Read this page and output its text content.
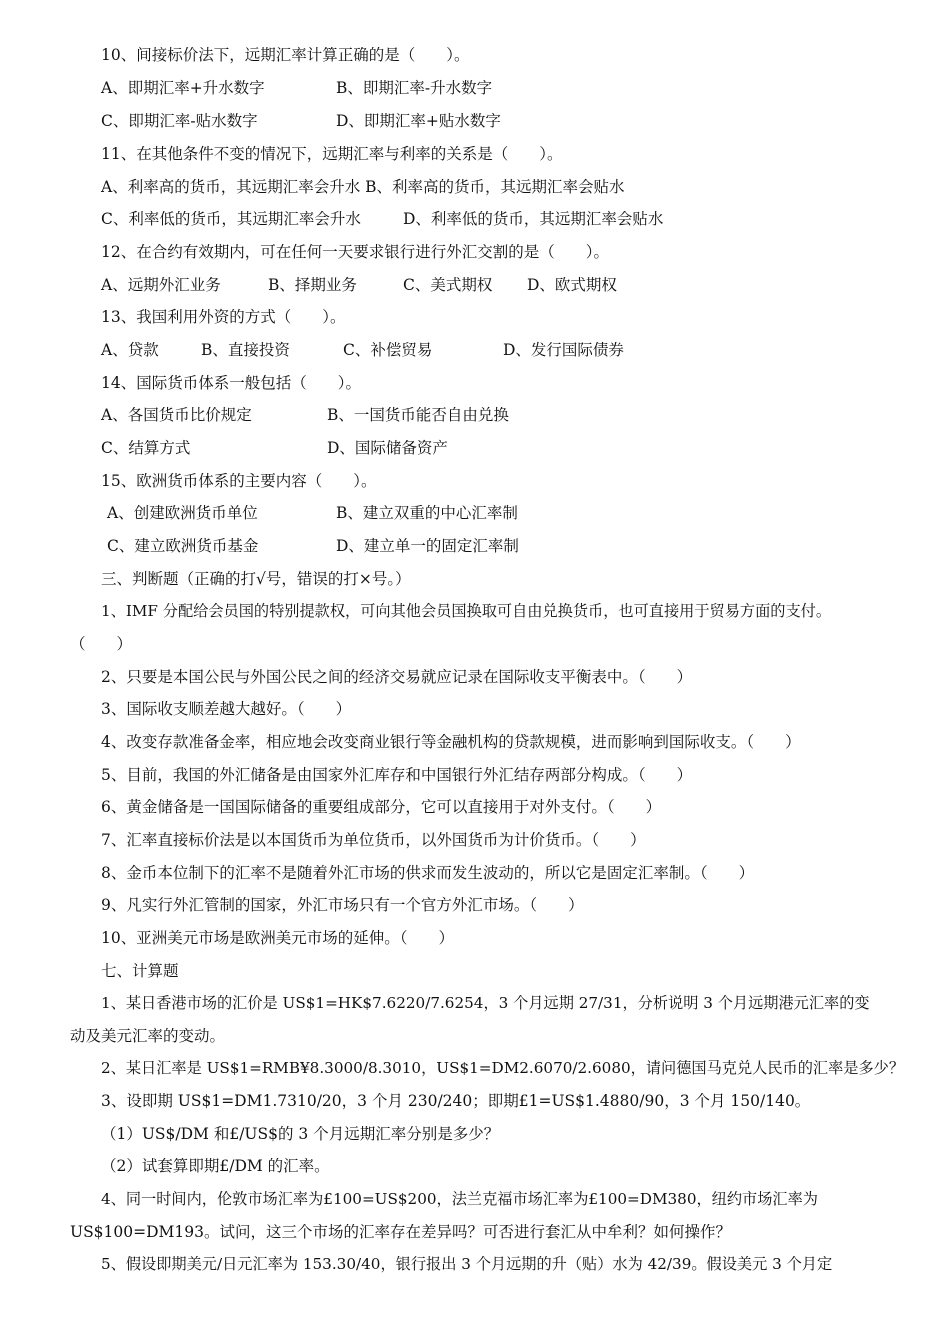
10、间接标价法下，远期汇率计算正确的是（　　）。
A、即期汇率+升水数字	B、即期汇率-升水数字
C、即期汇率-贴水数字	D、即期汇率+贴水数字
11、在其他条件不变的情况下，远期汇率与利率的关系是（　　）。
A、利率高的货币，其远期汇率会升水 B、利率高的货币，其远期汇率会贴水
C、利率低的货币，其远期汇率会升水	D、利率低的货币，其远期汇率会贴水
12、在合约有效期内，可在任何一天要求银行进行外汇交割的是（　　）。
A、远期外汇业务	B、择期业务	C、美式期权 D、欧式期权
13、我国利用外资的方式（　　）。
A、贷款	B、直接投资	C、补偿贸易	D、发行国际债券
14、国际货币体系一般包括（　　）。
A、各国货币比价规定	B、一国货币能否自由兑换
C、结算方式	D、国际储备资产
15、欧洲货币体系的主要内容（　　）。
A、创建欧洲货币单位	B、建立双重的中心汇率制
C、建立欧洲货币基金	D、建立单一的固定汇率制
三、判断题（正确的打√号，错误的打×号。）
1、IMF 分配给会员国的特别提款权，可向其他会员国换取可自由兑换货币，也可直接用于贸易方面的支付。
（　　）
2、只要是本国公民与外国公民之间的经济交易就应记录在国际收支平衡表中。（　　）
3、国际收支顺差越大越好。（　　）
4、改变存款准备金率，相应地会改变商业银行等金融机构的贷款规模，进而影响到国际收支。（　　）
5、目前，我国的外汇储备是由国家外汇库存和中国银行外汇结存两部分构成。（　　）
6、黄金储备是一国国际储备的重要组成部分，它可以直接用于对外支付。（　　）
7、汇率直接标价法是以本国货币为单位货币，以外国货币为计价货币。（　　）
8、金币本位制下的汇率不是随着外汇市场的供求而发生波动的，所以它是固定汇率制。（　　）
9、凡实行外汇管制的国家，外汇市场只有一个官方外汇市场。（　　）
10、亚洲美元市场是欧洲美元市场的延伸。（　　）
七、计算题
1、某日香港市场的汇价是 US$1=HK$7.6220/7.6254，3 个月远期 27/31，分析说明 3 个月远期港元汇率的变
动及美元汇率的变动。
2、某日汇率是 US$1=RMB¥8.3000/8.3010，US$1=DM2.6070/2.6080，请问德国马克兑人民币的汇率是多少？
3、设即期 US$1=DM1.7310/20，3 个月 230/240；即期£1=US$1.4880/90，3 个月 150/140。
（1）US$/DM 和£/US$的 3 个月远期汇率分别是多少？
（2）试套算即期£/DM 的汇率。
4、同一时间内，伦敦市场汇率为£100=US$200，法兰克福市场汇率为£100=DM380，纽约市场汇率为
US$100=DM193。试问，这三个市场的汇率存在差异吗？可否进行套汇从中牟利？如何操作？
5、假设即期美元/日元汇率为 153.30/40，银行报出 3 个月远期的升（贴）水为 42/39。假设美元 3 个月定
